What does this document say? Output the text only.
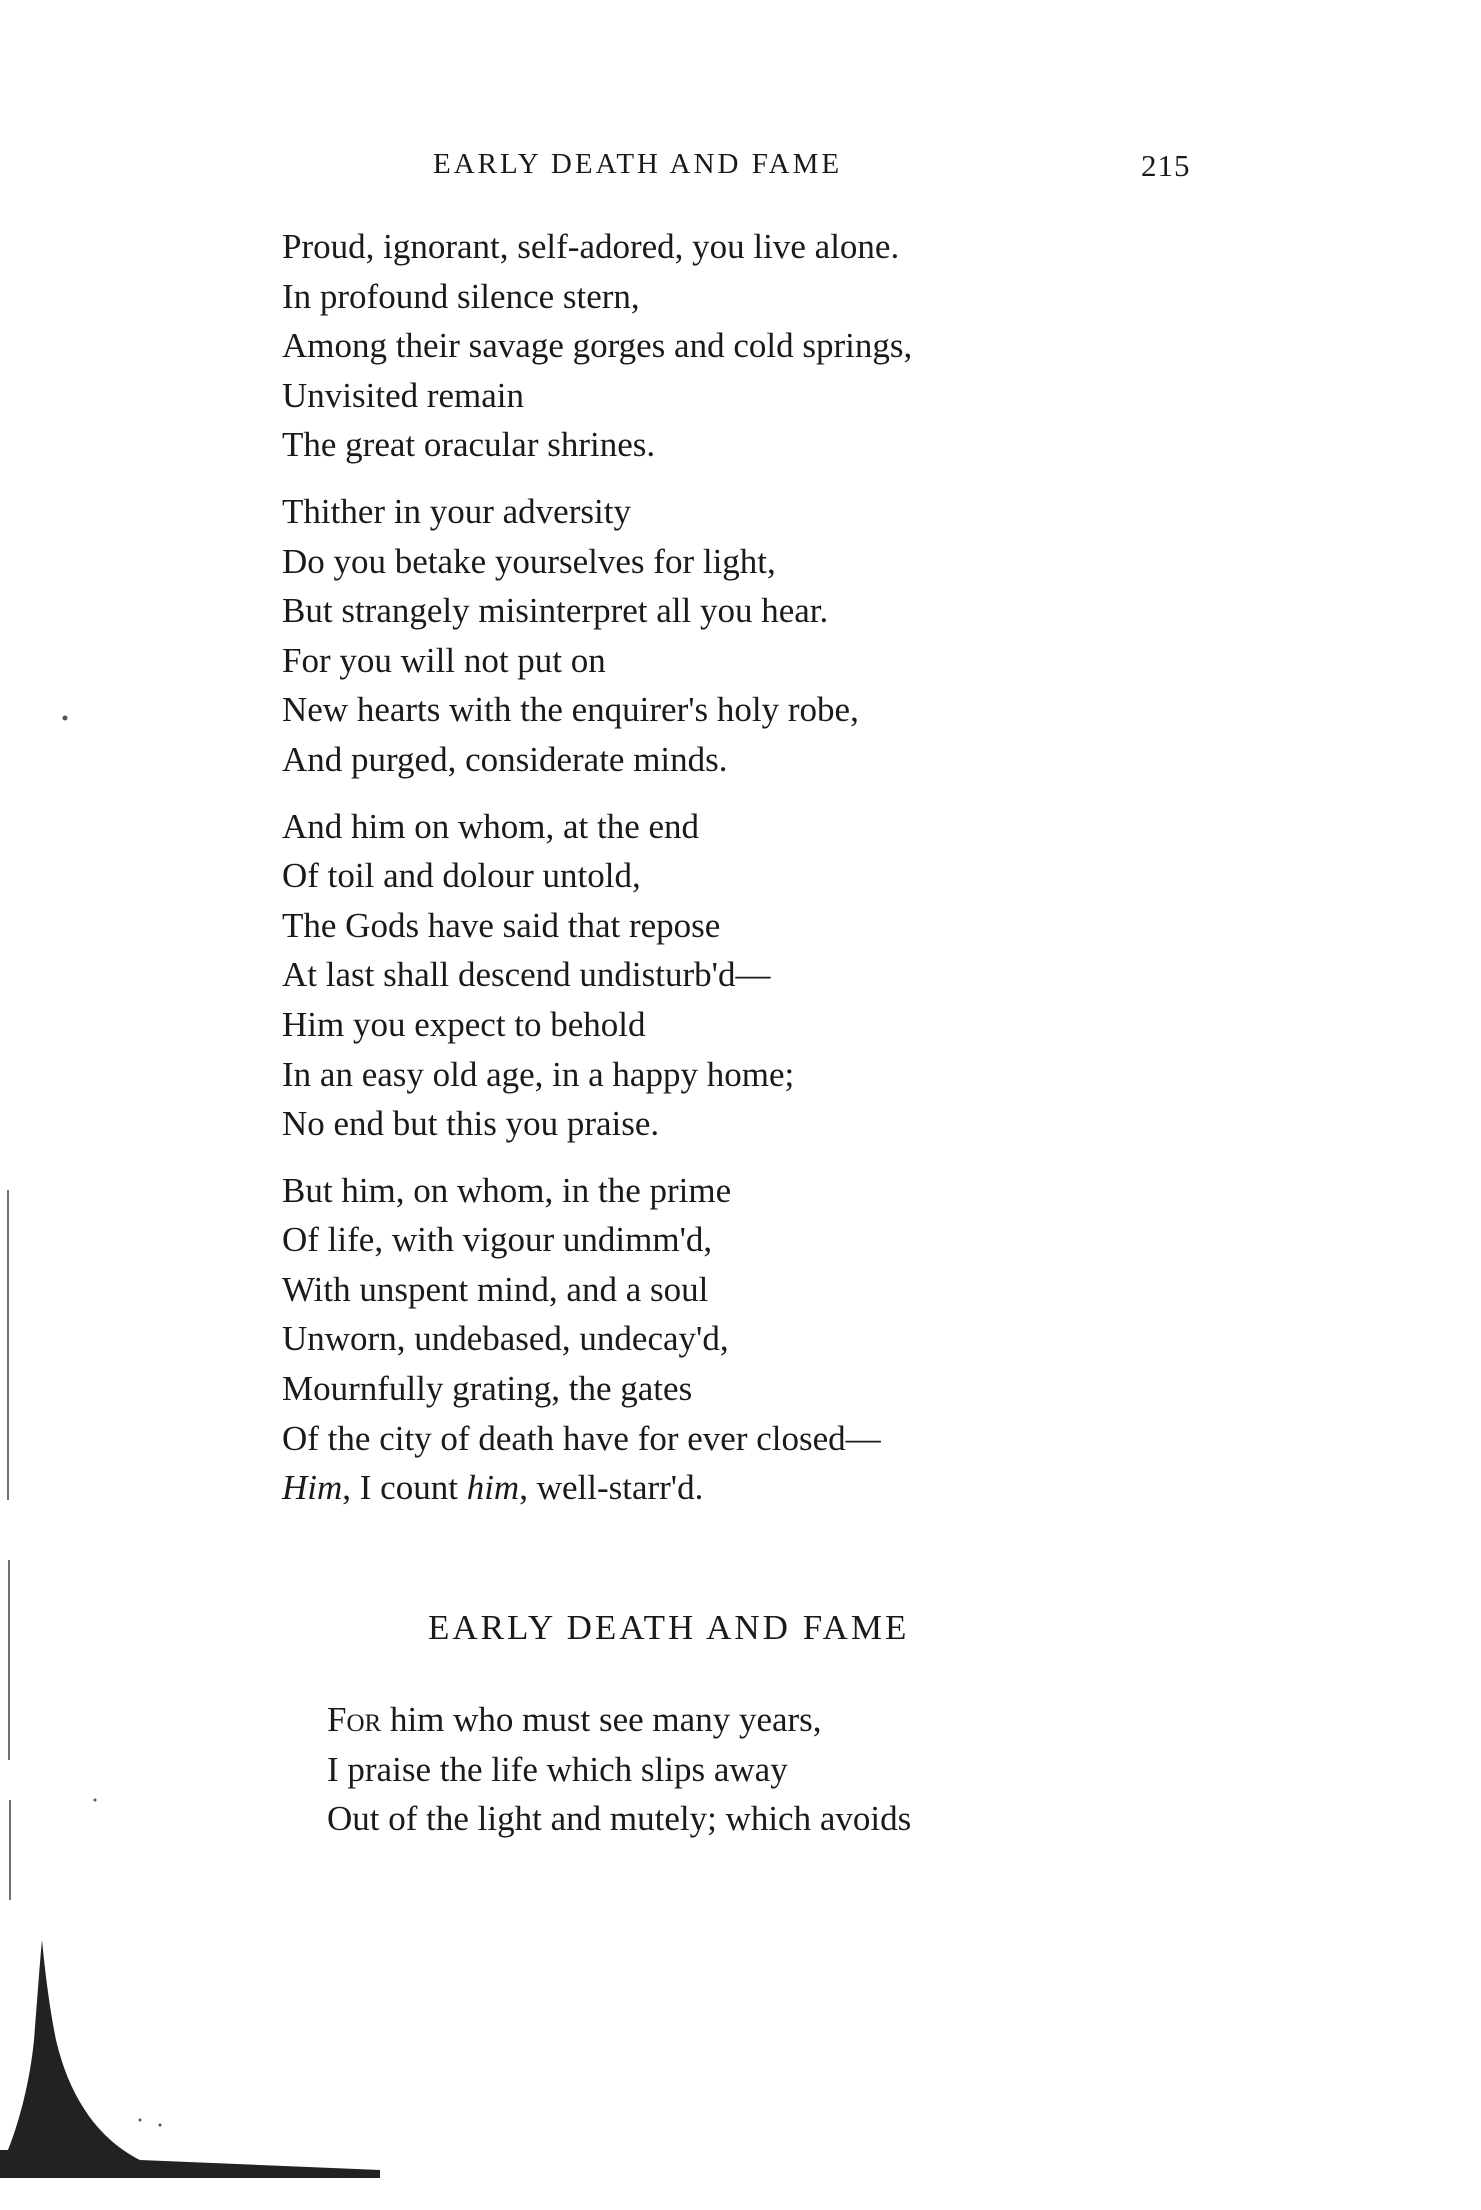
EARLY DEATH AND FAME	215
Proud, ignorant, self-adored, you live alone.
In profound silence stern,
Among their savage gorges and cold springs,
Unvisited remain
The great oracular shrines.
Thither in your adversity
Do you betake yourselves for light,
But strangely misinterpret all you hear.
For you will not put on
New hearts with the enquirer's holy robe,
And purged, considerate minds.
And him on whom, at the end
Of toil and dolour untold,
The Gods have said that repose
At last shall descend undisturb'd—
Him you expect to behold
In an easy old age, in a happy home;
No end but this you praise.
But him, on whom, in the prime
Of life, with vigour undimm'd,
With unspent mind, and a soul
Unworn, undebased, undecay'd,
Mournfully grating, the gates
Of the city of death have for ever closed—
Him, I count him, well-starr'd.
EARLY DEATH AND FAME
For him who must see many years,
I praise the life which slips away
Out of the light and mutely; which avoids
